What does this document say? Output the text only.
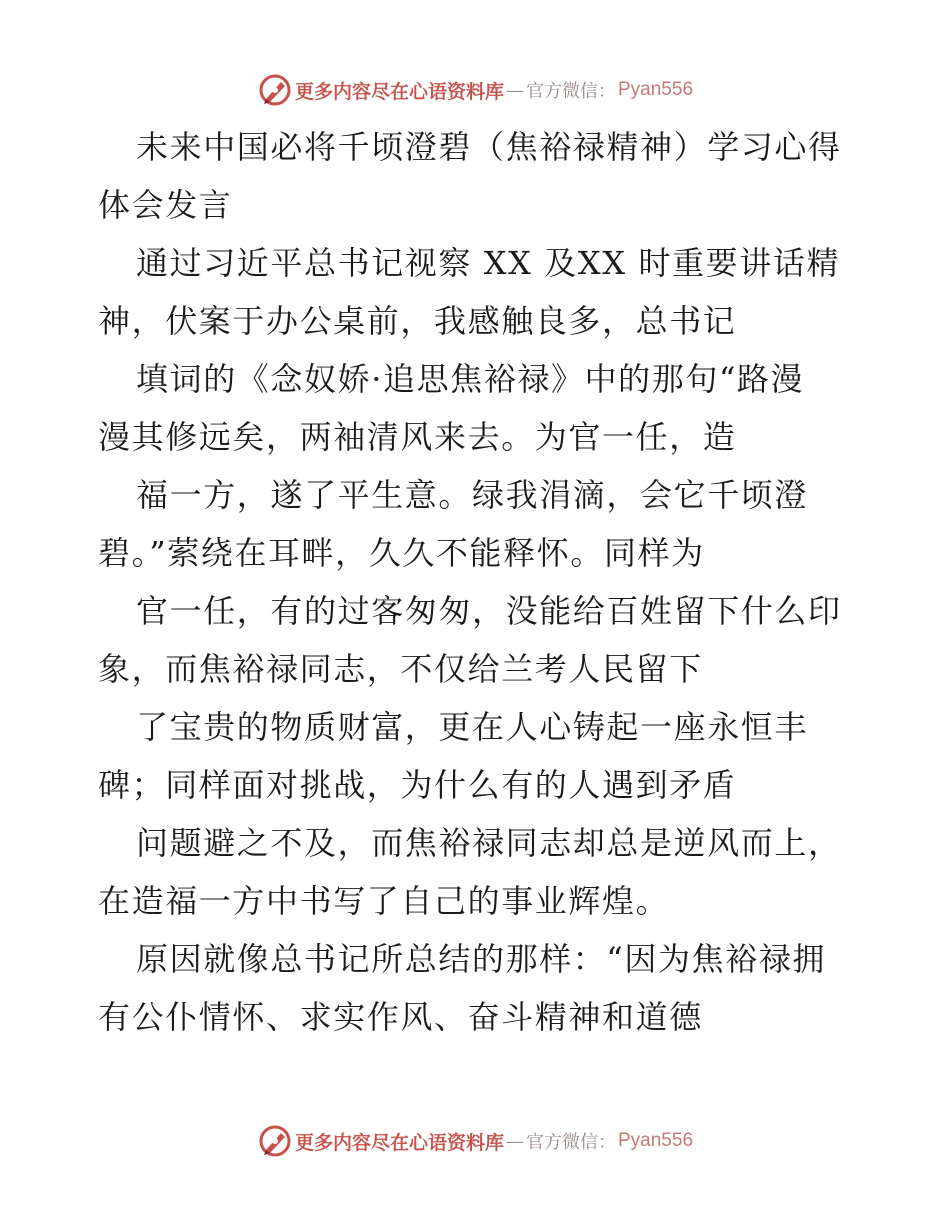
更多内容尽在心语资料库 — 官方微信： Pyan556
未来中国必将千顷澄碧（焦裕禄精神）学习心得
体会发言
通过习近平总书记视察 XX 及XX 时重要讲话精
神，伏案于办公桌前，我感触良多，总书记
填词的《念奴娇·追思焦裕禄》中的那句“路漫
漫其修远矣，两袖清风来去。为官一任，造
福一方，遂了平生意。绿我涓滴，会它千顷澄
碧。”萦绕在耳畔，久久不能释怀。同样为
官一任，有的过客匆匆，没能给百姓留下什么印
象，而焦裕禄同志，不仅给兰考人民留下
了宝贵的物质财富，更在人心铸起一座永恒丰
碑；同样面对挑战，为什么有的人遇到矛盾
问题避之不及，而焦裕禄同志却总是逆风而上，
在造福一方中书写了自己的事业辉煌。
原因就像总书记所总结的那样：“因为焦裕禄拥
有公仆情怀、求实作风、奋斗精神和道德
更多内容尽在心语资料库 — 官方微信： Pyan556
